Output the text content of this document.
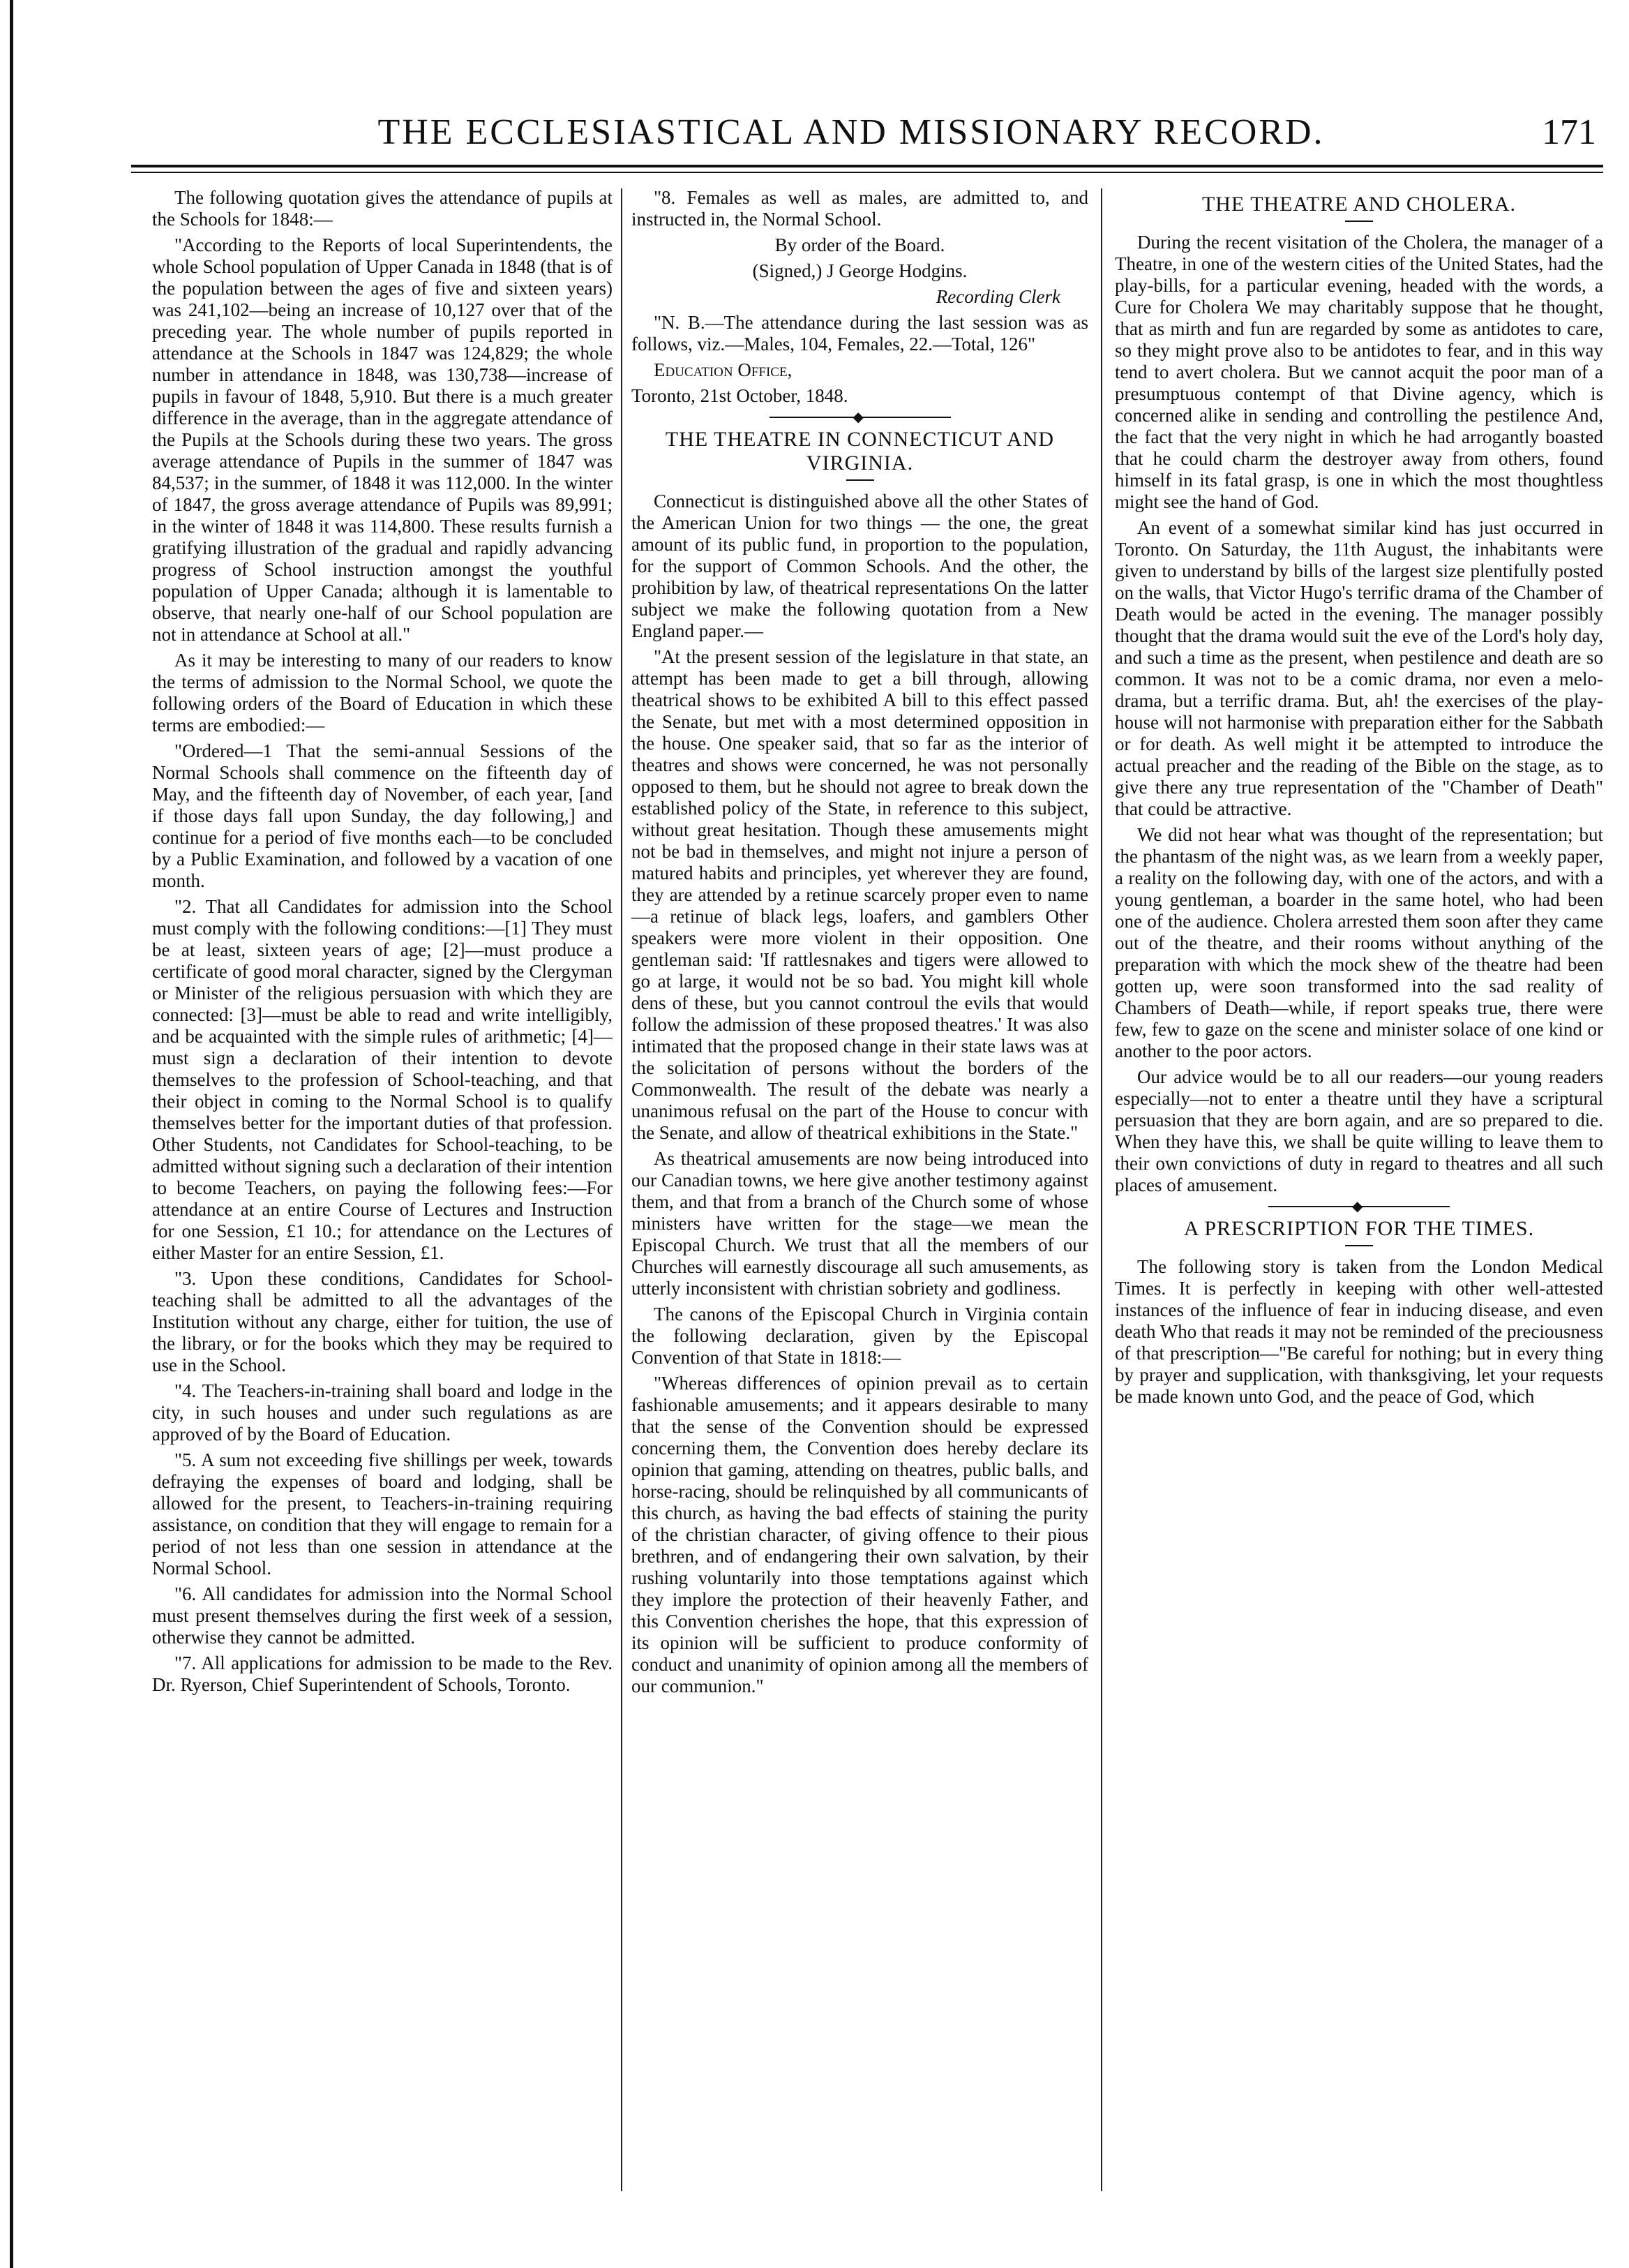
THE ECCLESIASTICAL AND MISSIONARY RECORD.	171

The following quotation gives the attendance of pupils at the Schools for 1848:—

"According to the Reports of local Superintendents, the whole School population of Upper Canada in 1848 (that is of the population between the ages of five and sixteen years) was 241,102—being an increase of 10,127 over that of the preceding year. The whole number of pupils reported in attendance at the Schools in 1847 was 124,829; the whole number in attendance in 1848, was 130,738—increase of pupils in favour of 1848, 5,910. But there is a much greater difference in the average, than in the aggregate attendance of the Pupils at the Schools during these two years. The gross average attendance of Pupils in the summer of 1847 was 84,537; in the summer, of 1848 it was 112,000. In the winter of 1847, the gross average attendance of Pupils was 89,991; in the winter of 1848 it was 114,800. These results furnish a gratifying illustration of the gradual and rapidly advancing progress of School instruction amongst the youthful population of Upper Canada; although it is lamentable to observe, that nearly one-half of our School population are not in attendance at School at all."

As it may be interesting to many of our readers to know the terms of admission to the Normal School, we quote the following orders of the Board of Education in which these terms are embodied:—

"Ordered—1 That the semi-annual Sessions of the Normal Schools shall commence on the fifteenth day of May, and the fifteenth day of November, of each year, [and if those days fall upon Sunday, the day following,] and continue for a period of five months each—to be concluded by a Public Examination, and followed by a vacation of one month.

"2. That all Candidates for admission into the School must comply with the following conditions:—[1] They must be at least, sixteen years of age; [2]—must produce a certificate of good moral character, signed by the Clergyman or Minister of the religious persuasion with which they are connected: [3]—must be able to read and write intelligibly, and be acquainted with the simple rules of arithmetic; [4]—must sign a declaration of their intention to devote themselves to the profession of School-teaching, and that their object in coming to the Normal School is to qualify themselves better for the important duties of that profession. Other Students, not Candidates for School-teaching, to be admitted without signing such a declaration of their intention to become Teachers, on paying the following fees:—For attendance at an entire Course of Lectures and Instruction for one Session, £1 10.; for attendance on the Lectures of either Master for an entire Session, £1.

"3. Upon these conditions, Candidates for School-teaching shall be admitted to all the advantages of the Institution without any charge, either for tuition, the use of the library, or for the books which they may be required to use in the School.

"4. The Teachers-in-training shall board and lodge in the city, in such houses and under such regulations as are approved of by the Board of Education.

"5. A sum not exceeding five shillings per week, towards defraying the expenses of board and lodging, shall be allowed for the present, to Teachers-in-training requiring assistance, on condition that they will engage to remain for a period of not less than one session in attendance at the Normal School.

"6. All candidates for admission into the Normal School must present themselves during the first week of a session, otherwise they cannot be admitted.

"7. All applications for admission to be made to the Rev. Dr. Ryerson, Chief Superintendent of Schools, Toronto.

"8. Females as well as males, are admitted to, and instructed in, the Normal School.

By order of the Board.

(Signed,) J George Hodgins.

Recording Clerk

"N. B.—The attendance during the last session was as follows, viz.—Males, 104, Females, 22.—Total, 126"

Education Office,

Toronto, 21st October, 1848.

◆
THE THEATRE IN CONNECTICUT AND VIRGINIA.

Connecticut is distinguished above all the other States of the American Union for two things — the one, the great amount of its public fund, in proportion to the population, for the support of Common Schools. And the other, the prohibition by law, of theatrical representations On the latter subject we make the following quotation from a New England paper.—

"At the present session of the legislature in that state, an attempt has been made to get a bill through, allowing theatrical shows to be exhibited A bill to this effect passed the Senate, but met with a most determined opposition in the house. One speaker said, that so far as the interior of theatres and shows were concerned, he was not personally opposed to them, but he should not agree to break down the established policy of the State, in reference to this subject, without great hesitation. Though these amusements might not be bad in themselves, and might not injure a person of matured habits and principles, yet wherever they are found, they are attended by a retinue scarcely proper even to name—a retinue of black legs, loafers, and gamblers Other speakers were more violent in their opposition. One gentleman said: 'If rattlesnakes and tigers were allowed to go at large, it would not be so bad. You might kill whole dens of these, but you cannot controul the evils that would follow the admission of these proposed theatres.' It was also intimated that the proposed change in their state laws was at the solicitation of persons without the borders of the Commonwealth. The result of the debate was nearly a unanimous refusal on the part of the House to concur with the Senate, and allow of theatrical exhibitions in the State."

As theatrical amusements are now being introduced into our Canadian towns, we here give another testimony against them, and that from a branch of the Church some of whose ministers have written for the stage—we mean the Episcopal Church. We trust that all the members of our Churches will earnestly discourage all such amusements, as utterly inconsistent with christian sobriety and godliness.

The canons of the Episcopal Church in Virginia contain the following declaration, given by the Episcopal Convention of that State in 1818:—

"Whereas differences of opinion prevail as to certain fashionable amusements; and it appears desirable to many that the sense of the Convention should be expressed concerning them, the Convention does hereby declare its opinion that gaming, attending on theatres, public balls, and horse-racing, should be relinquished by all communicants of this church, as having the bad effects of staining the purity of the christian character, of giving offence to their pious brethren, and of endangering their own salvation, by their rushing voluntarily into those temptations against which they implore the protection of their heavenly Father, and this Convention cherishes the hope, that this expression of its opinion will be sufficient to produce conformity of conduct and unanimity of opinion among all the members of our communion."

THE THEATRE AND CHOLERA.

During the recent visitation of the Cholera, the manager of a Theatre, in one of the western cities of the United States, had the play-bills, for a particular evening, headed with the words, a Cure for Cholera We may charitably suppose that he thought, that as mirth and fun are regarded by some as antidotes to care, so they might prove also to be antidotes to fear, and in this way tend to avert cholera. But we cannot acquit the poor man of a presumptuous contempt of that Divine agency, which is concerned alike in sending and controlling the pestilence And, the fact that the very night in which he had arrogantly boasted that he could charm the destroyer away from others, found himself in its fatal grasp, is one in which the most thoughtless might see the hand of God.

An event of a somewhat similar kind has just occurred in Toronto. On Saturday, the 11th August, the inhabitants were given to understand by bills of the largest size plentifully posted on the walls, that Victor Hugo's terrific drama of the Chamber of Death would be acted in the evening. The manager possibly thought that the drama would suit the eve of the Lord's holy day, and such a time as the present, when pestilence and death are so common. It was not to be a comic drama, nor even a melo-drama, but a terrific drama. But, ah! the exercises of the play-house will not harmonise with preparation either for the Sabbath or for death. As well might it be attempted to introduce the actual preacher and the reading of the Bible on the stage, as to give there any true representation of the "Chamber of Death" that could be attractive.

We did not hear what was thought of the representation; but the phantasm of the night was, as we learn from a weekly paper, a reality on the following day, with one of the actors, and with a young gentleman, a boarder in the same hotel, who had been one of the audience. Cholera arrested them soon after they came out of the theatre, and their rooms without anything of the preparation with which the mock shew of the theatre had been gotten up, were soon transformed into the sad reality of Chambers of Death—while, if report speaks true, there were few, few to gaze on the scene and minister solace of one kind or another to the poor actors.

Our advice would be to all our readers—our young readers especially—not to enter a theatre until they have a scriptural persuasion that they are born again, and are so prepared to die. When they have this, we shall be quite willing to leave them to their own convictions of duty in regard to theatres and all such places of amusement.

◆
A PRESCRIPTION FOR THE TIMES.

The following story is taken from the London Medical Times. It is perfectly in keeping with other well-attested instances of the influence of fear in inducing disease, and even death Who that reads it may not be reminded of the preciousness of that prescription—"Be careful for nothing; but in every thing by prayer and supplication, with thanksgiving, let your requests be made known unto God, and the peace of God, which
